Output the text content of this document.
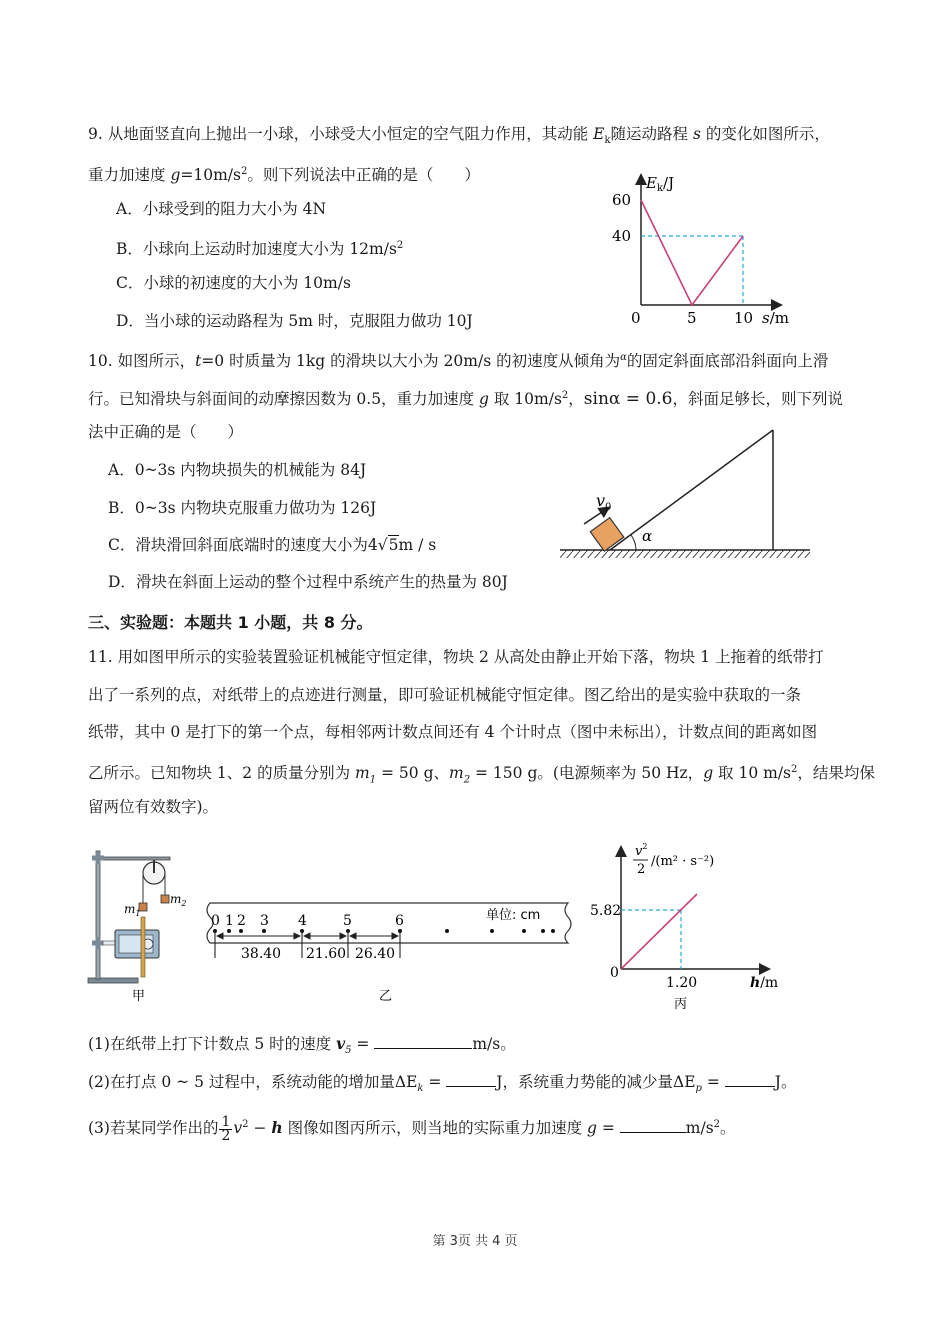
9. 从地面竖直向上抛出一小球，小球受大小恒定的空气阻力作用，其动能 $E_k$随运动路程 s 的变化如图所示，
重力加速度 $g=10m/s^2$。则下列说法中正确的是（　　）
A．小球受到的阻力大小为 4N
B．小球向上运动时加速度大小为 $12m/s^2$
C．小球的初速度的大小为 10m/s
D．当小球的运动路程为 5m 时，克服阻力做功 10J
60
40
0	5 10
$E_k/J$
s/m
10. 如图所示，t=0 时质量为 1kg 的滑块以大小为 20m/s 的初速度从倾角为$^\alpha$的固定斜面底部沿斜面向上滑
行。已知滑块与斜面间的动摩擦因数为 0.5，重力加速度 g 取 $10m/s^2$，sinα = 0.6，斜面足够长，则下列说
法中正确的是（　　）
A．0~3s 内物块损失的机械能为 84J
B．0~3s 内物块克服重力做功为 126J
C．滑块滑回斜面底端时的速度大小为4√5m / s
D．滑块在斜面上运动的整个过程中系统产生的热量为 80J
$v_0$
α
三、实验题：本题共 1 小题，共 8 分。
11. 用如图甲所示的实验装置验证机械能守恒定律，物块 2 从高处由静止开始下落，物块 1 上拖着的纸带打
出了一系列的点，对纸带上的点迹进行测量，即可验证机械能守恒定律。图乙给出的是实验中获取的一条
纸带，其中 0 是打下的第一个点，每相邻两计数点间还有 4 个计时点（图中未标出），计数点间的距离如图
乙所示。已知物块 1、2 的质量分别为 $m_1 = 50$ g、$m_2 = 150$ g。(电源频率为 50 Hz，g 取 10 $m/s^2$，结果均保
留两位有效数字)。
$m_2$
$m_1$
甲
0 1 2 3 4	5	6	单位: cm
38.40 21.60 26.40
乙
5.82
0
1.20	h/m
$v^2$
2
/(m² · s⁻²)
丙
(1)在纸带上打下计数点 5 时的速度 $v_5$ =	m/s。
(2)在打点 0 ~ 5 过程中，系统动能的增加量$\Delta E_k$ =	J，系统重力势能的减少量$\Delta E_p$ =	J。
(3)若某同学作出的 $\frac{1}{2} v^2 - h$ 图像如图丙所示，则当地的实际重力加速度 g =	$m/s^2$。
第 3页 共 4 页
